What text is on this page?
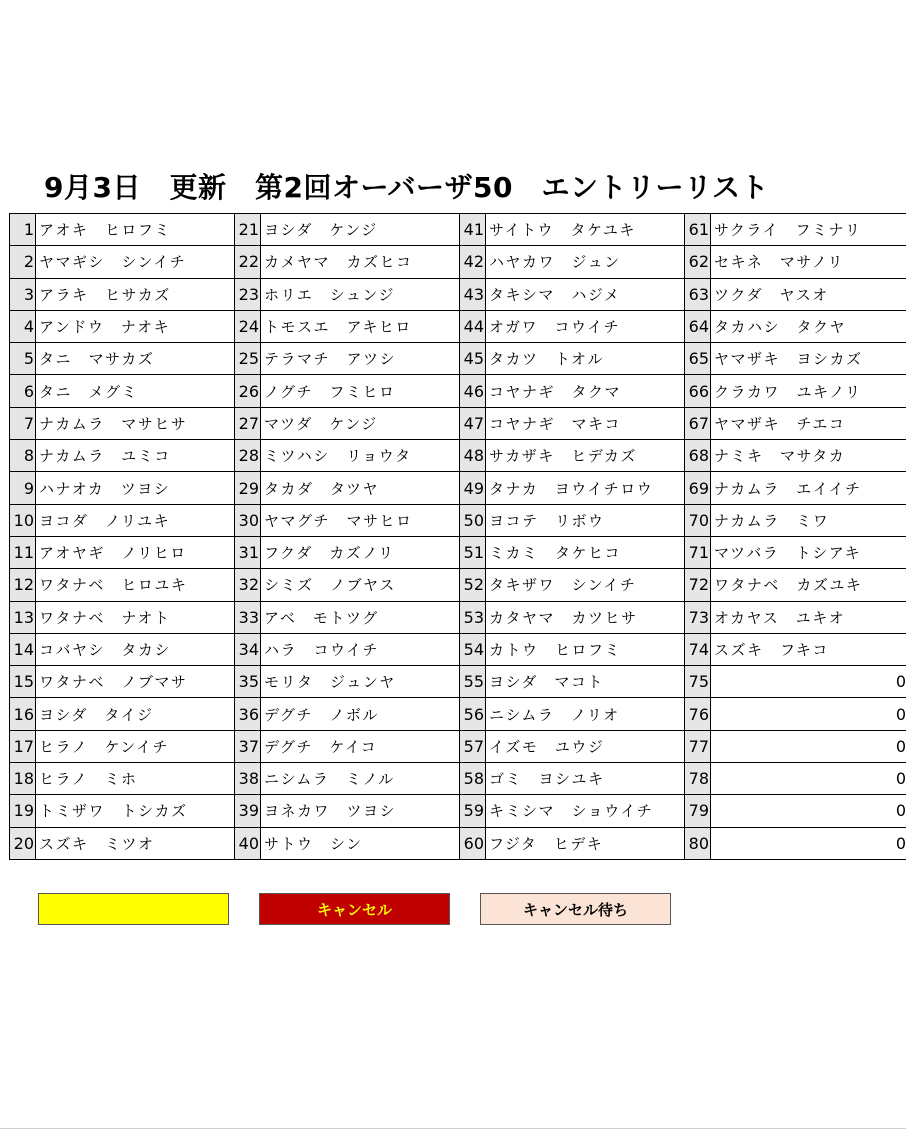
9月3日　更新　第2回オーバーザ50　エントリーリスト
1	アオキ　ヒロフミ	21	ヨシダ　ケンジ	41	サイトウ　タケユキ	61	サクライ　フミナリ
2	ヤマギシ　シンイチ	22	カメヤマ　カズヒコ	42	ハヤカワ　ジュン	62	セキネ　マサノリ
3	アラキ　ヒサカズ	23	ホリエ　シュンジ	43	タキシマ　ハジメ	63	ツクダ　ヤスオ
4	アンドウ　ナオキ	24	トモスエ　アキヒロ	44	オガワ　コウイチ	64	タカハシ　タクヤ
5	タニ　マサカズ	25	テラマチ　アツシ	45	タカツ　トオル	65	ヤマザキ　ヨシカズ
6	タニ　メグミ	26	ノグチ　フミヒロ	46	コヤナギ　タクマ	66	クラカワ　ユキノリ
7	ナカムラ　マサヒサ	27	マツダ　ケンジ	47	コヤナギ　マキコ	67	ヤマザキ　チエコ
8	ナカムラ　ユミコ	28	ミツハシ　リョウタ	48	サカザキ　ヒデカズ	68	ナミキ　マサタカ
9	ハナオカ　ツヨシ	29	タカダ　タツヤ	49	タナカ　ヨウイチロウ	69	ナカムラ　エイイチ
10	ヨコダ　ノリユキ	30	ヤマグチ　マサヒロ	50	ヨコテ　リボウ	70	ナカムラ　ミワ
11	アオヤギ　ノリヒロ	31	フクダ　カズノリ	51	ミカミ　タケヒコ	71	マツバラ　トシアキ
12	ワタナベ　ヒロユキ	32	シミズ　ノブヤス	52	タキザワ　シンイチ	72	ワタナベ　カズユキ
13	ワタナベ　ナオト	33	アベ　モトツグ	53	カタヤマ　カツヒサ	73	オカヤス　ユキオ
14	コバヤシ　タカシ	34	ハラ　コウイチ	54	カトウ　ヒロフミ	74	スズキ　フキコ
15	ワタナベ　ノブマサ	35	モリタ　ジュンヤ	55	ヨシダ　マコト	75	0
16	ヨシダ　タイジ	36	デグチ　ノボル	56	ニシムラ　ノリオ	76	0
17	ヒラノ　ケンイチ	37	デグチ　ケイコ	57	イズモ　ユウジ	77	0
18	ヒラノ　ミホ	38	ニシムラ　ミノル	58	ゴミ　ヨシユキ	78	0
19	トミザワ　トシカズ	39	ヨネカワ　ツヨシ	59	キミシマ　ショウイチ	79	0
20	スズキ　ミツオ	40	サトウ　シン	60	フジタ　ヒデキ	80	0
キャンセル	キャンセル待ち
